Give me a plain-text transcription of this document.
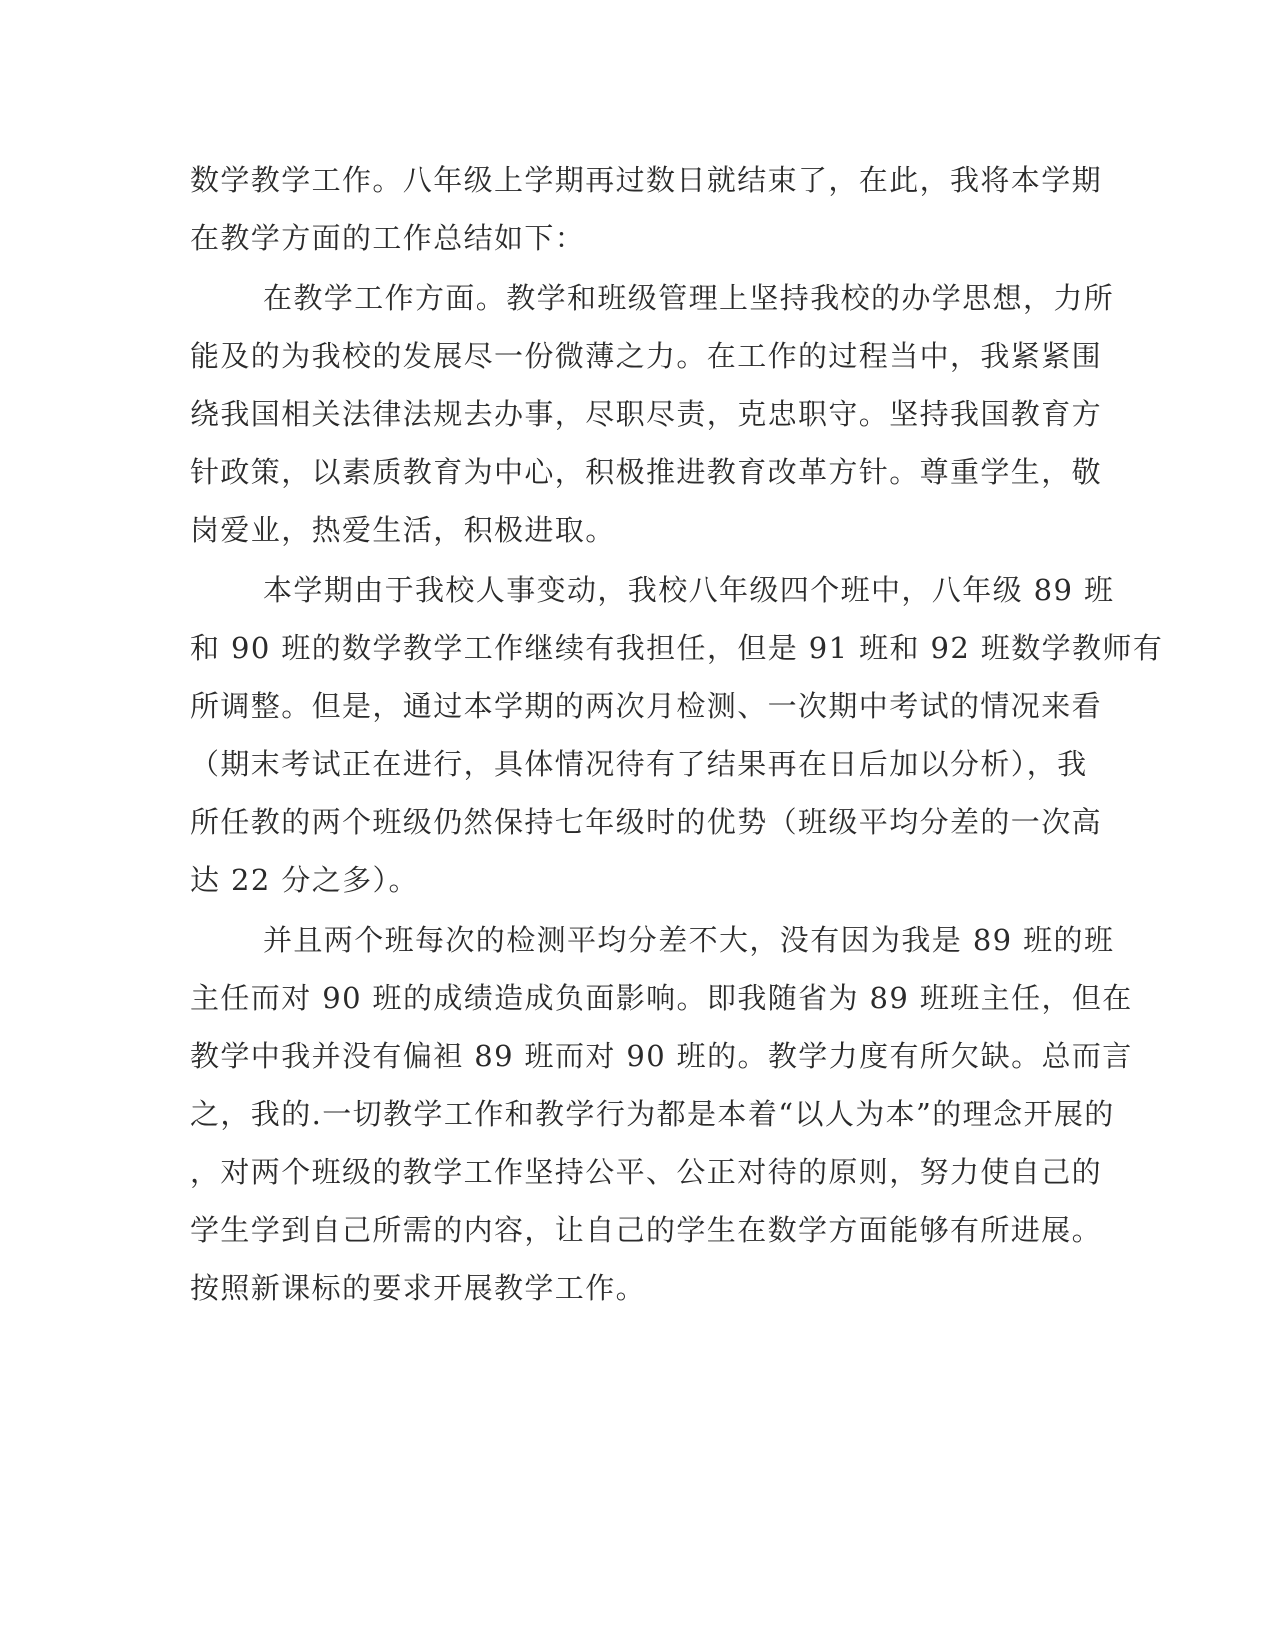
数学教学工作。八年级上学期再过数日就结束了，在此，我将本学期

在教学方面的工作总结如下：

在教学工作方面。教学和班级管理上坚持我校的办学思想，力所

能及的为我校的发展尽一份微薄之力。在工作的过程当中，我紧紧围

绕我国相关法律法规去办事，尽职尽责，克忠职守。坚持我国教育方

针政策，以素质教育为中心，积极推进教育改革方针。尊重学生，敬

岗爱业，热爱生活，积极进取。

本学期由于我校人事变动，我校八年级四个班中，八年级 89 班

和 90 班的数学教学工作继续有我担任，但是 91 班和 92 班数学教师有

所调整。但是，通过本学期的两次月检测、一次期中考试的情况来看

（期末考试正在进行，具体情况待有了结果再在日后加以分析），我

所任教的两个班级仍然保持七年级时的优势（班级平均分差的一次高

达 22 分之多）。

并且两个班每次的检测平均分差不大，没有因为我是 89 班的班

主任而对 90 班的成绩造成负面影响。即我随省为 89 班班主任，但在

教学中我并没有偏袒 89 班而对 90 班的。教学力度有所欠缺。总而言

之，我的.一切教学工作和教学行为都是本着“以人为本”的理念开展的

，对两个班级的教学工作坚持公平、公正对待的原则，努力使自己的

学生学到自己所需的内容，让自己的学生在数学方面能够有所进展。

按照新课标的要求开展教学工作。
